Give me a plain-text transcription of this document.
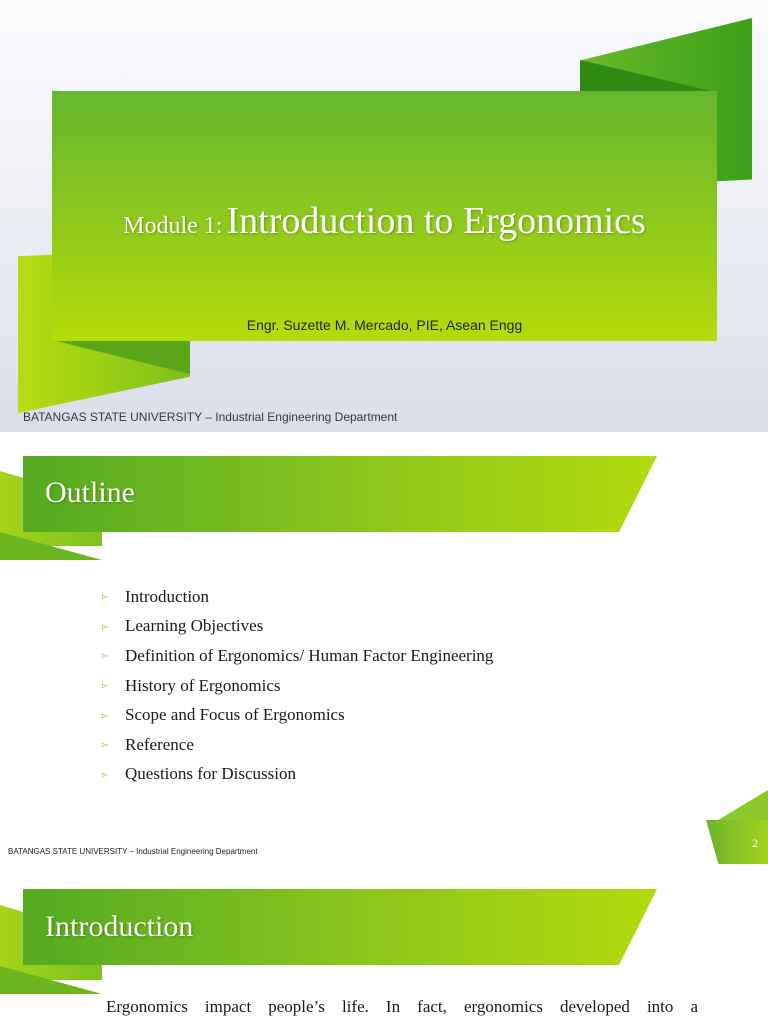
Module 1: Introduction to Ergonomics
Engr. Suzette M. Mercado, PIE, Asean Engg
BATANGAS STATE UNIVERSITY – Industrial Engineering Department
Outline
▻ Introduction
▻ Learning Objectives
▻ Definition of Ergonomics/ Human Factor Engineering
▻ History of Ergonomics
▻ Scope and Focus of Ergonomics
▻ Reference
▻ Questions for Discussion
2
BATANGAS STATE UNIVERSITY – Industrial Engineering Department
Introduction
Ergonomics impact people’s life. In fact, ergonomics developed into a
